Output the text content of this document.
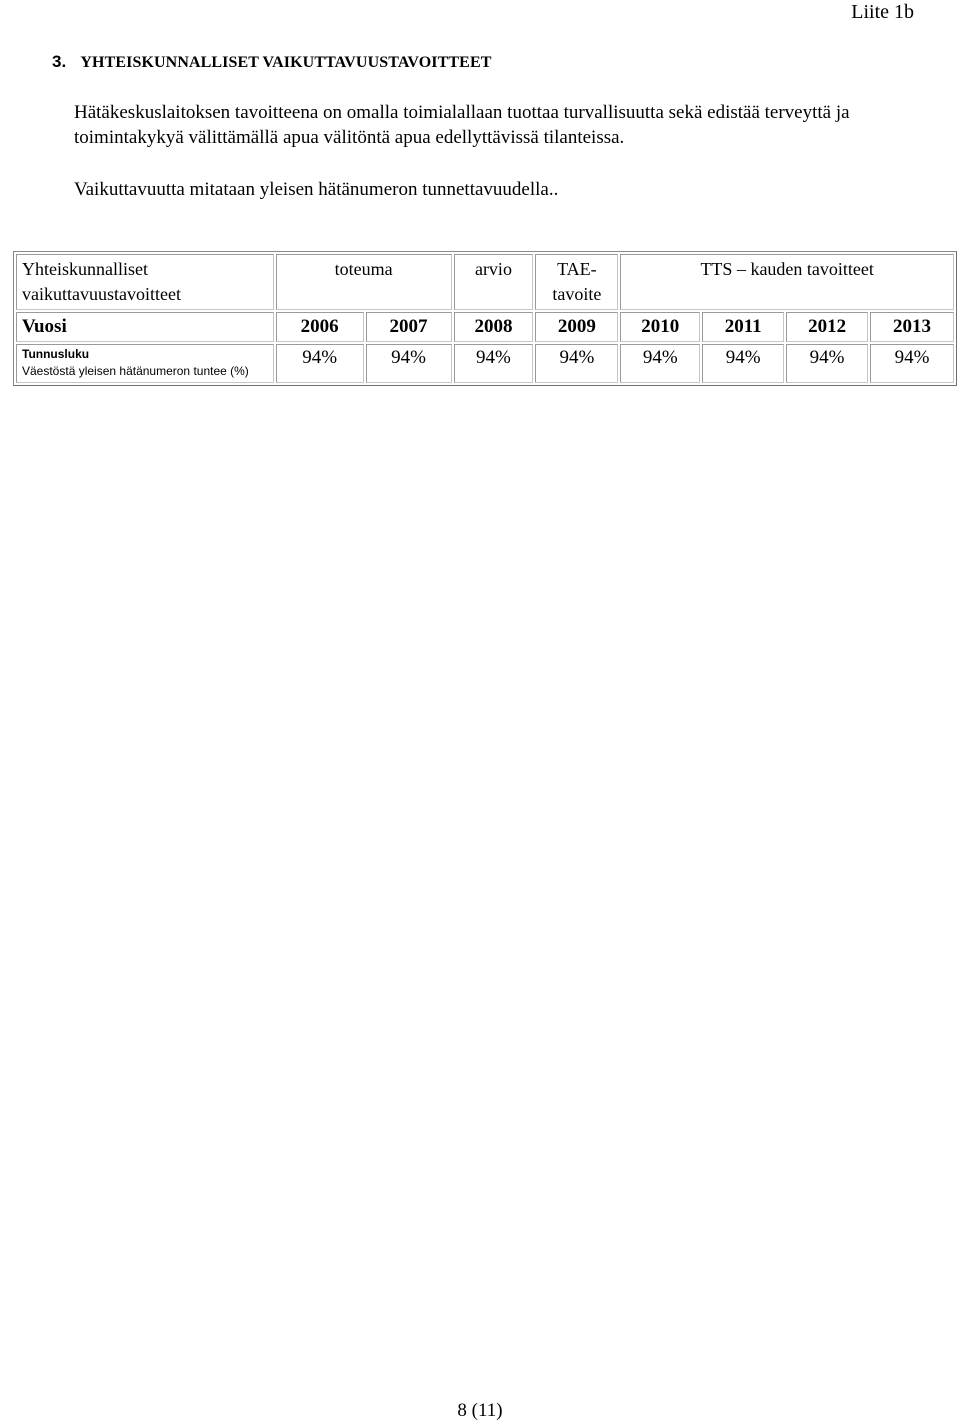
Liite 1b
3. YHTEISKUNNALLISET VAIKUTTAVUUSTAVOITTEET
Hätäkeskuslaitoksen tavoitteena on omalla toimialallaan tuottaa turvallisuutta sekä edistää terveyttä ja toimintakykyä välittämällä apua välitöntä apua edellyttävissä tilanteissa.
Vaikuttavuutta mitataan yleisen hätänumeron tunnettavuudella..
Yhteiskunnalliset vaikuttavuustavoitteet	toteuma		arvio	TAE-tavoite	TTS – kauden tavoitteet			
Vuosi	2006	2007	2008	2009	2010	2011	2012	2013

Tunnusluku
Väestöstä yleisen hätänumeron tuntee (%)	94%	94%	94%	94%	94%	94%	94%	94%
8 (11)
